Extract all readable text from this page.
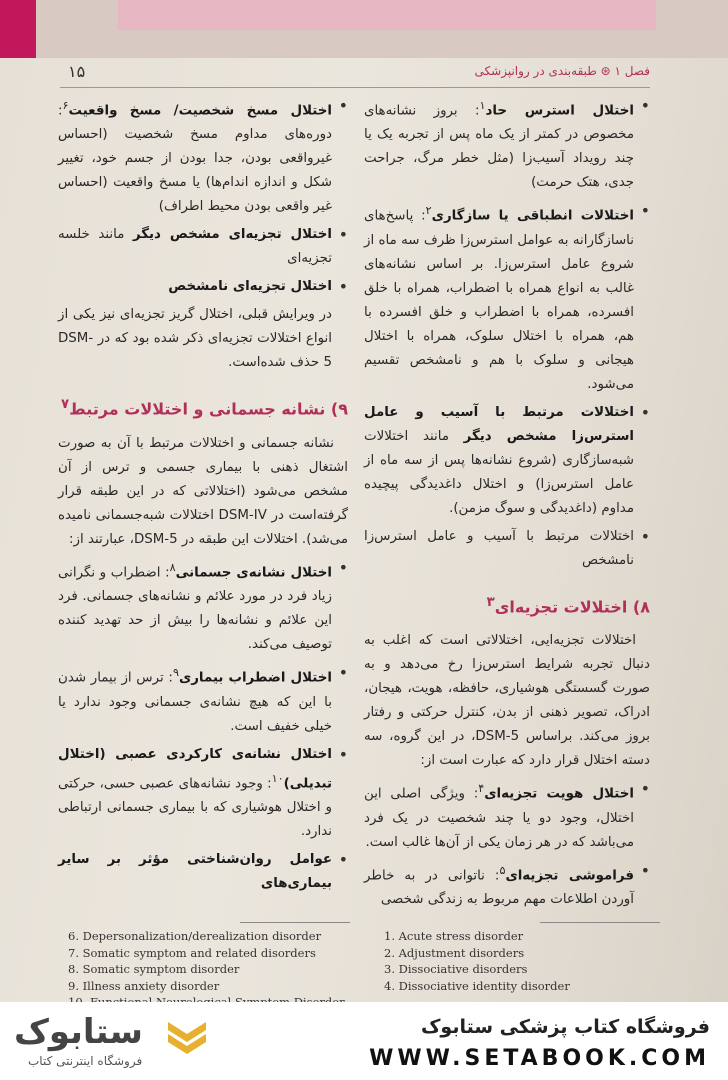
فصل ۱ ⊛ طبقه‌بندی در روانپزشکی
۱۵
• اختلال استرس حاد$^۱$: بروز نشانه‌های مخصوص در کمتر از یک ماه پس از تجربه یک یا چند رویداد آسیب‌زا (مثل خطر مرگ، جراحت جدی، هتک حرمت)
• اختلالات انطباقی یا سازگاری$^۲$: پاسخ‌های ناسازگارانه به عوامل استرس‌زا ظرف سه ماه از شروع عامل استرس‌زا. بر اساس نشانه‌های غالب به انواع همراه با اضطراب، همراه با خلق افسرده، همراه با اضطراب و خلق افسرده با هم، همراه با اختلال سلوک، همراه با اختلال هیجانی و سلوک با هم و نامشخص تقسیم می‌شود.
• اختلالات مرتبط با آسیب و عامل استرس‌زا مشخص دیگر مانند اختلالات شبه‌سازگاری (شروع نشانه‌ها پس از سه ماه از عامل استرس‌زا) و اختلال داغدیدگی پیچیده مداوم (داغدیدگی و سوگ مزمن).
• اختلالات مرتبط با آسیب و عامل استرس‌زا نامشخص
۸) اختلالات تجزیه‌ای$^۳$
اختلالات تجزیه‌ایی، اختلالاتی است که اغلب به دنبال تجربه شرایط استرس‌زا رخ می‌دهد و به صورت گسستگی هوشیاری، حافظه، هویت، هیجان، ادراک، تصویر ذهنی از بدن، کنترل حرکتی و رفتار بروز می‌کند. براساس DSM-5، در این گروه، سه دسته اختلال قرار دارد که عبارت است از:
• اختلال هویت تجزیه‌ای$^۴$: ویژگی اصلی این اختلال، وجود دو یا چند شخصیت در یک فرد می‌باشد که در هر زمان یکی از آن‌ها غالب است.
• فراموشی تجزیه‌ای$^۵$: ناتوانی در به خاطر آوردن اطلاعات مهم مربوط به زندگی شخصی
• اختلال مسخ شخصیت/ مسخ واقعیت$^۶$: دوره‌های مداوم مسخ شخصیت (احساس غیرواقعی بودن، جدا بودن از جسم خود، تغییر شکل و اندازه اندام‌ها) یا مسخ واقعیت (احساس غیر واقعی بودن محیط اطراف)
• اختلال تجزیه‌ای مشخص دیگر مانند خلسه تجزیه‌ای
• اختلال تجزیه‌ای نامشخص
در ویرایش قبلی، اختلال گریز تجزیه‌ای نیز یکی از انواع اختلالات تجزیه‌ای ذکر شده بود که در DSM-5 حذف شده‌است.
۹) نشانه جسمانی و اختلالات مرتبط$^۷$
نشانه جسمانی و اختلالات مرتبط با آن به صورت اشتغال ذهنی با بیماری جسمی و ترس از آن مشخص می‌شود (اختلالاتی که در این طبقه قرار گرفته‌است در DSM-IV اختلالات شبه‌جسمانی نامیده می‌شد). اختلالات این طبقه در DSM-5، عبارتند از:
• اختلال نشانه‌ی جسمانی$^۸$: اضطراب و نگرانی زیاد فرد در مورد علائم و نشانه‌های جسمانی. فرد این علائم و نشانه‌ها را بیش از حد تهدید کننده توصیف می‌کند.
• اختلال اضطراب بیماری$^۹$: ترس از بیمار شدن با این که هیچ نشانه‌ی جسمانی وجود ندارد یا خیلی خفیف است.
• اختلال نشانه‌ی کارکردی عصبی (اختلال تبدیلی)$^{۱۰}$: وجود نشانه‌های عصبی حسی، حرکتی و اختلال هوشیاری که با بیماری جسمانی ارتباطی ندارد.
• عوامل روان‌شناختی مؤثر بر سایر بیماری‌های
6. Depersonalization/derealization disorder
7. Somatic symptom and related disorders
8. Somatic symptom disorder
9. Illness anxiety disorder
1. Acute stress disorder
2. Adjustment disorders
3. Dissociative disorders
4. Dissociative identity disorder
ستابوک
فروشگاه اینترنتی کتاب
فروشگاه کتاب پزشکی ستابوک
WWW.SETABOOK.COM
